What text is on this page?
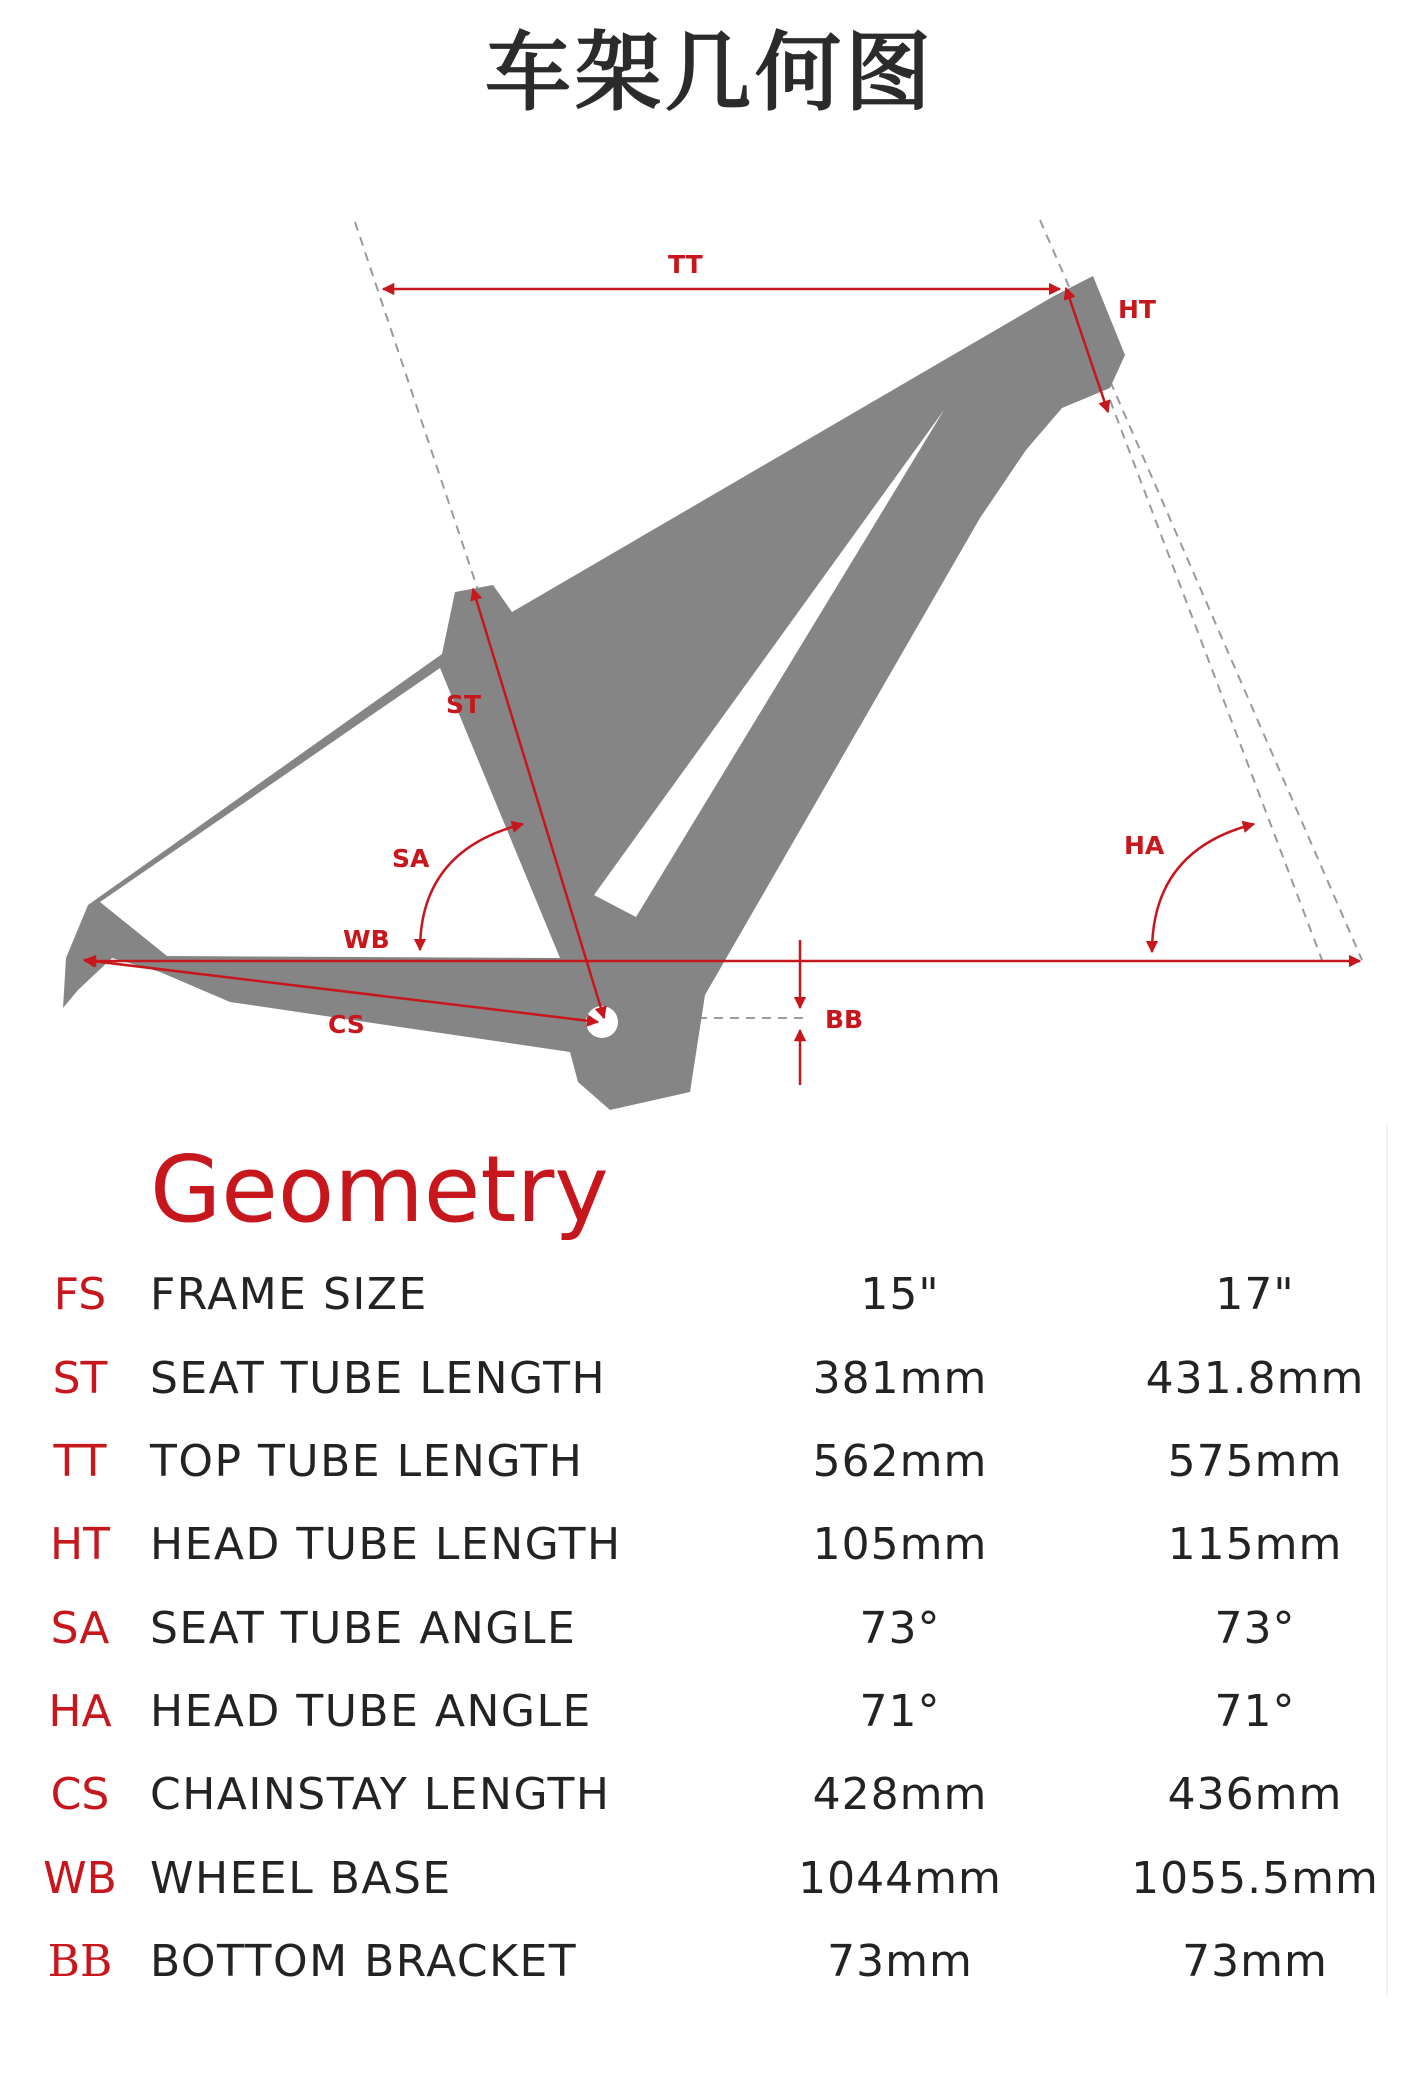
车架几何图
TT
HT
ST
SA
WB
CS
HA
BB
Geometry
FS FRAME SIZE	15"	17"
ST SEAT TUBE LENGTH	381mm	431.8mm
TT TOP TUBE LENGTH	562mm	575mm
HT HEAD TUBE LENGTH	105mm	115mm
SA SEAT TUBE ANGLE	73°	73°
HA HEAD TUBE ANGLE	71°	71°
CS CHAINSTAY LENGTH	428mm	436mm
WB WHEEL BASE	1044mm	1055.5mm
BB BOTTOM BRACKET	73mm	73mm
